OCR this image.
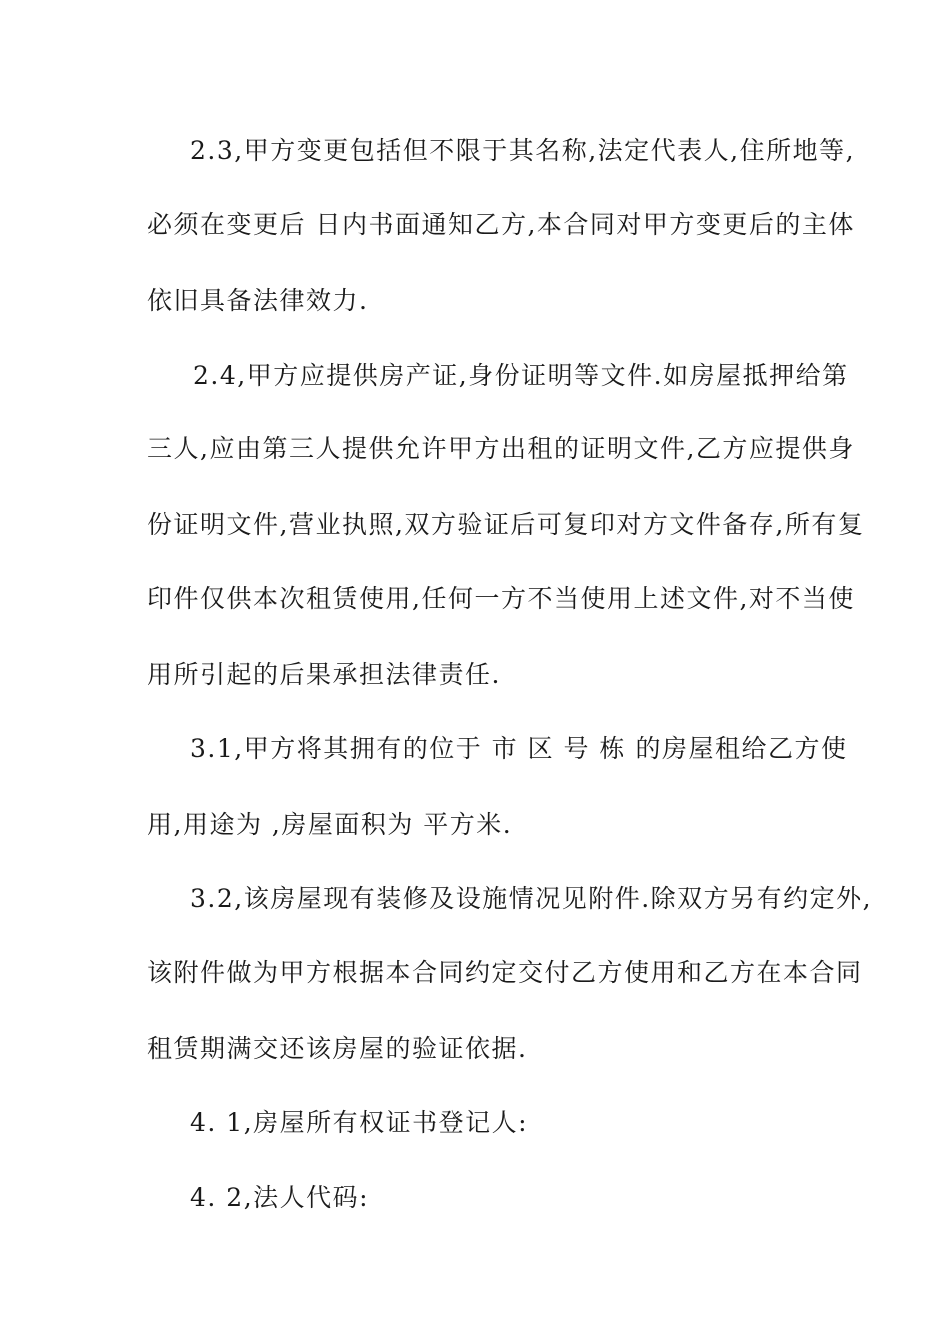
2.3,甲方变更包括但不限于其名称,法定代表人,住所地等,
必须在变更后 日内书面通知乙方,本合同对甲方变更后的主体
依旧具备法律效力.
2.4,甲方应提供房产证,身份证明等文件.如房屋抵押给第
三人,应由第三人提供允许甲方出租的证明文件,乙方应提供身
份证明文件,营业执照,双方验证后可复印对方文件备存,所有复
印件仅供本次租赁使用,任何一方不当使用上述文件,对不当使
用所引起的后果承担法律责任.
3.1,甲方将其拥有的位于 市 区 号 栋 的房屋租给乙方使
用,用途为 ,房屋面积为 平方米.
3.2,该房屋现有装修及设施情况见附件.除双方另有约定外,
该附件做为甲方根据本合同约定交付乙方使用和乙方在本合同
租赁期满交还该房屋的验证依据.
4. 1,房屋所有权证书登记人:
4. 2,法人代码:
